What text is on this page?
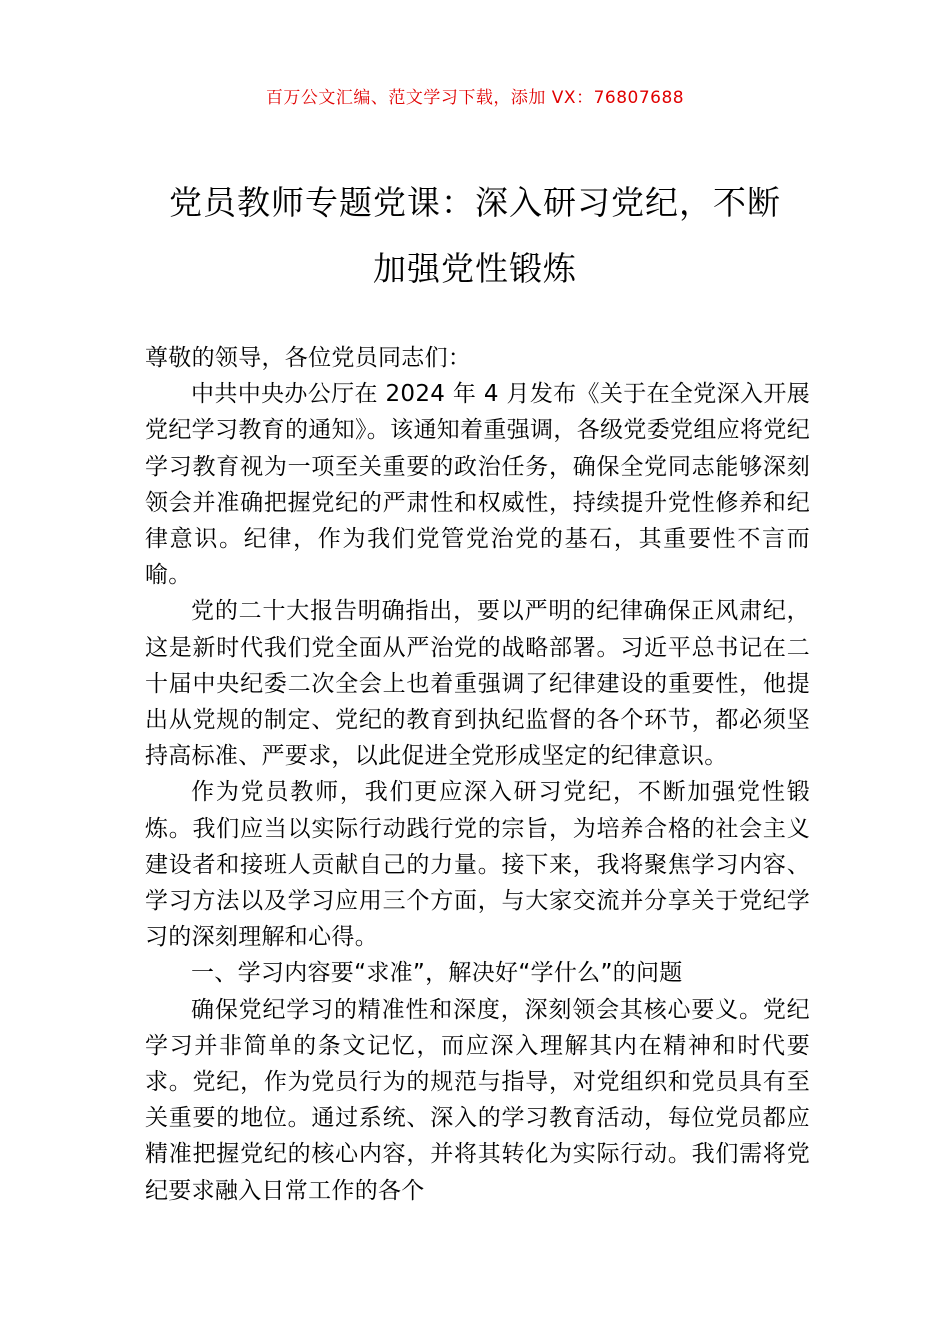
百万公文汇编、范文学习下载，添加 VX：76807688
党员教师专题党课：深入研习党纪，不断
加强党性锻炼

尊敬的领导，各位党员同志们：

中共中央办公厅在 2024 年 4 月发布《关于在全党深入开展党纪学习教育的通知》。该通知着重强调，各级党委党组应将党纪学习教育视为一项至关重要的政治任务，确保全党同志能够深刻领会并准确把握党纪的严肃性和权威性，持续提升党性修养和纪律意识。纪律，作为我们党管党治党的基石，其重要性不言而喻。

党的二十大报告明确指出，要以严明的纪律确保正风肃纪，这是新时代我们党全面从严治党的战略部署。习近平总书记在二十届中央纪委二次全会上也着重强调了纪律建设的重要性，他提出从党规的制定、党纪的教育到执纪监督的各个环节，都必须坚持高标准、严要求，以此促进全党形成坚定的纪律意识。

作为党员教师，我们更应深入研习党纪，不断加强党性锻炼。我们应当以实际行动践行党的宗旨，为培养合格的社会主义建设者和接班人贡献自己的力量。接下来，我将聚焦学习内容、学习方法以及学习应用三个方面，与大家交流并分享关于党纪学习的深刻理解和心得。

一、学习内容要“求准”，解决好“学什么”的问题

确保党纪学习的精准性和深度，深刻领会其核心要义。党纪学习并非简单的条文记忆，而应深入理解其内在精神和时代要求。党纪，作为党员行为的规范与指导，对党组织和党员具有至关重要的地位。通过系统、深入的学习教育活动，每位党员都应精准把握党纪的核心内容，并将其转化为实际行动。我们需将党纪要求融入日常工作的各个
